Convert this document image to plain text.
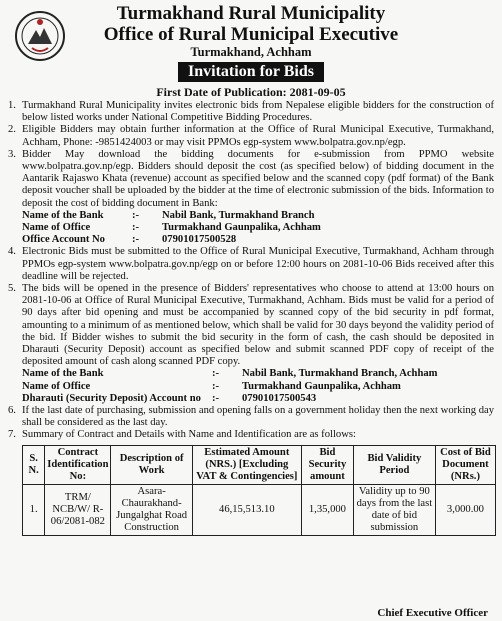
Turmakhand Rural Municipality
Office of Rural Municipal Executive
Turmakhand, Achham
Invitation for Bids
First Date of Publication: 2081-09-05
1. Turmakhand Rural Municipality invites electronic bids from Nepalese eligible bidders for the construction of below listed works under National Competitive Bidding Procedures.
2. Eligible Bidders may obtain further information at the Office of Rural Municipal Executive, Turmakhand, Achham, Phone: -9851424003 or may visit PPMOs egp-system www.bolpatra.gov.np/egp.
3. Bidder May download the bidding documents for e-submission from PPMO website www.bolpatra.gov.np/egp. Bidders should deposit the cost (as specified below) of bidding document in the Aantarik Rajaswo Khata (revenue) account as specified below and the scanned copy (pdf format) of the Bank deposit voucher shall be uploaded by the bidder at the time of electronic submission of the bids. Information to deposit the cost of bidding document in Bank:
Name of the Bank	:-	Nabil Bank, Turmakhand Branch
Name of Office	:-	Turmakhand Gaunpalika, Achham
Office Account No	:-	07901017500528
4. Electronic Bids must be submitted to the Office of Rural Municipal Executive, Turmakhand, Achham through PPMOs egp-system www.bolpatra.gov.np/egp on or before 12:00 hours on 2081-10-06 Bids received after this deadline will be rejected.
5. The bids will be opened in the presence of Bidders' representatives who choose to attend at 13:00 hours on 2081-10-06 at Office of Rural Municipal Executive, Turmakhand, Achham. Bids must be valid for a period of 90 days after bid opening and must be accompanied by scanned copy of the bid security in pdf format, amounting to a minimum of as mentioned below, which shall be valid for 30 days beyond the validity period of the bid. If Bidder wishes to submit the bid security in the form of cash, the cash should be deposited in Dharauti (Security Deposit) account as specified below and submit scanned PDF copy of receipt of the deposited amount of cash along scanned PDF copy.
Name of the Bank	:-	Nabil Bank, Turmakhand Branch, Achham
Name of Office	:-	Turmakhand Gaunpalika, Achham
Dharauti (Security Deposit) Account no	:-	07901017500543
6. If the last date of purchasing, submission and opening falls on a government holiday then the next working day shall be considered as the last day.
7. Summary of Contract and Details with Name and Identification are as follows:
S. N.	Contract Identification No:	Description of Work	Estimated Amount (NRS.) [Excluding VAT & Contingencies]	Bid Security amount	Bid Validity Period	Cost of Bid Document (NRs.)
1.	TRM/ NCB/W/ R-06/2081-082	Asara-Chaurakhand-Jungalghat Road Construction	46,15,513.10	1,35,000	Validity up to 90 days from the last date of bid submission	3,000.00
Chief Executive Officer
